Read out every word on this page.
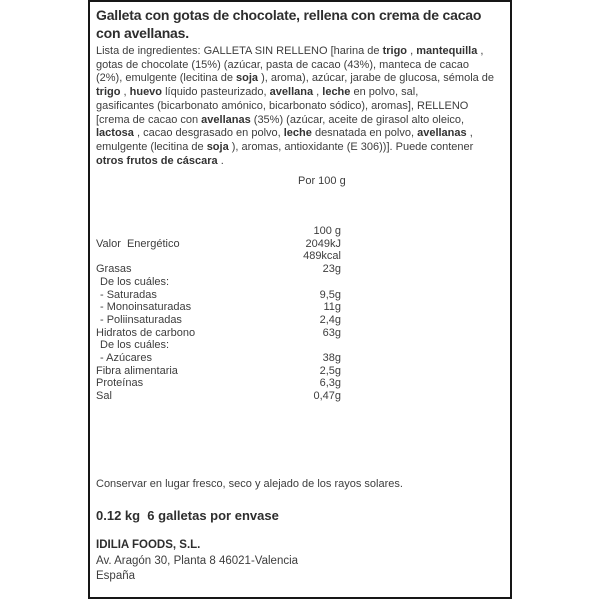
Galleta con gotas de chocolate, rellena con crema de cacao
con avellanas.
Lista de ingredientes: GALLETA SIN RELLENO [harina de trigo , mantequilla ,
gotas de chocolate (15%) (azúcar, pasta de cacao (43%), manteca de cacao
(2%), emulgente (lecitina de soja ), aroma), azúcar, jarabe de glucosa, sémola de
trigo , huevo líquido pasteurizado, avellana , leche en polvo, sal,
gasificantes (bicarbonato amónico, bicarbonato sódico), aromas], RELLENO
[crema de cacao con avellanas (35%) (azúcar, aceite de girasol alto oleico,
lactosa , cacao desgrasado en polvo, leche desnatada en polvo, avellanas ,
emulgente (lecitina de soja ), aromas, antioxidante (E 306))]. Puede contener
otros frutos de cáscara .
Por 100 g
100 g
Valor  Energético	2049kJ
489kcal
Grasas	23g
De los cuáles:
- Saturadas	9,5g
- Monoinsaturadas	11g
- Poliinsaturadas	2,4g
Hidratos de carbono	63g
De los cuáles:
- Azúcares	38g
Fibra alimentaria	2,5g
Proteínas	6,3g
Sal	0,47g
Conservar en lugar fresco, seco y alejado de los rayos solares.
0.12 kg  6 galletas por envase
IDILIA FOODS, S.L.
Av. Aragón 30, Planta 8 46021-Valencia
España
